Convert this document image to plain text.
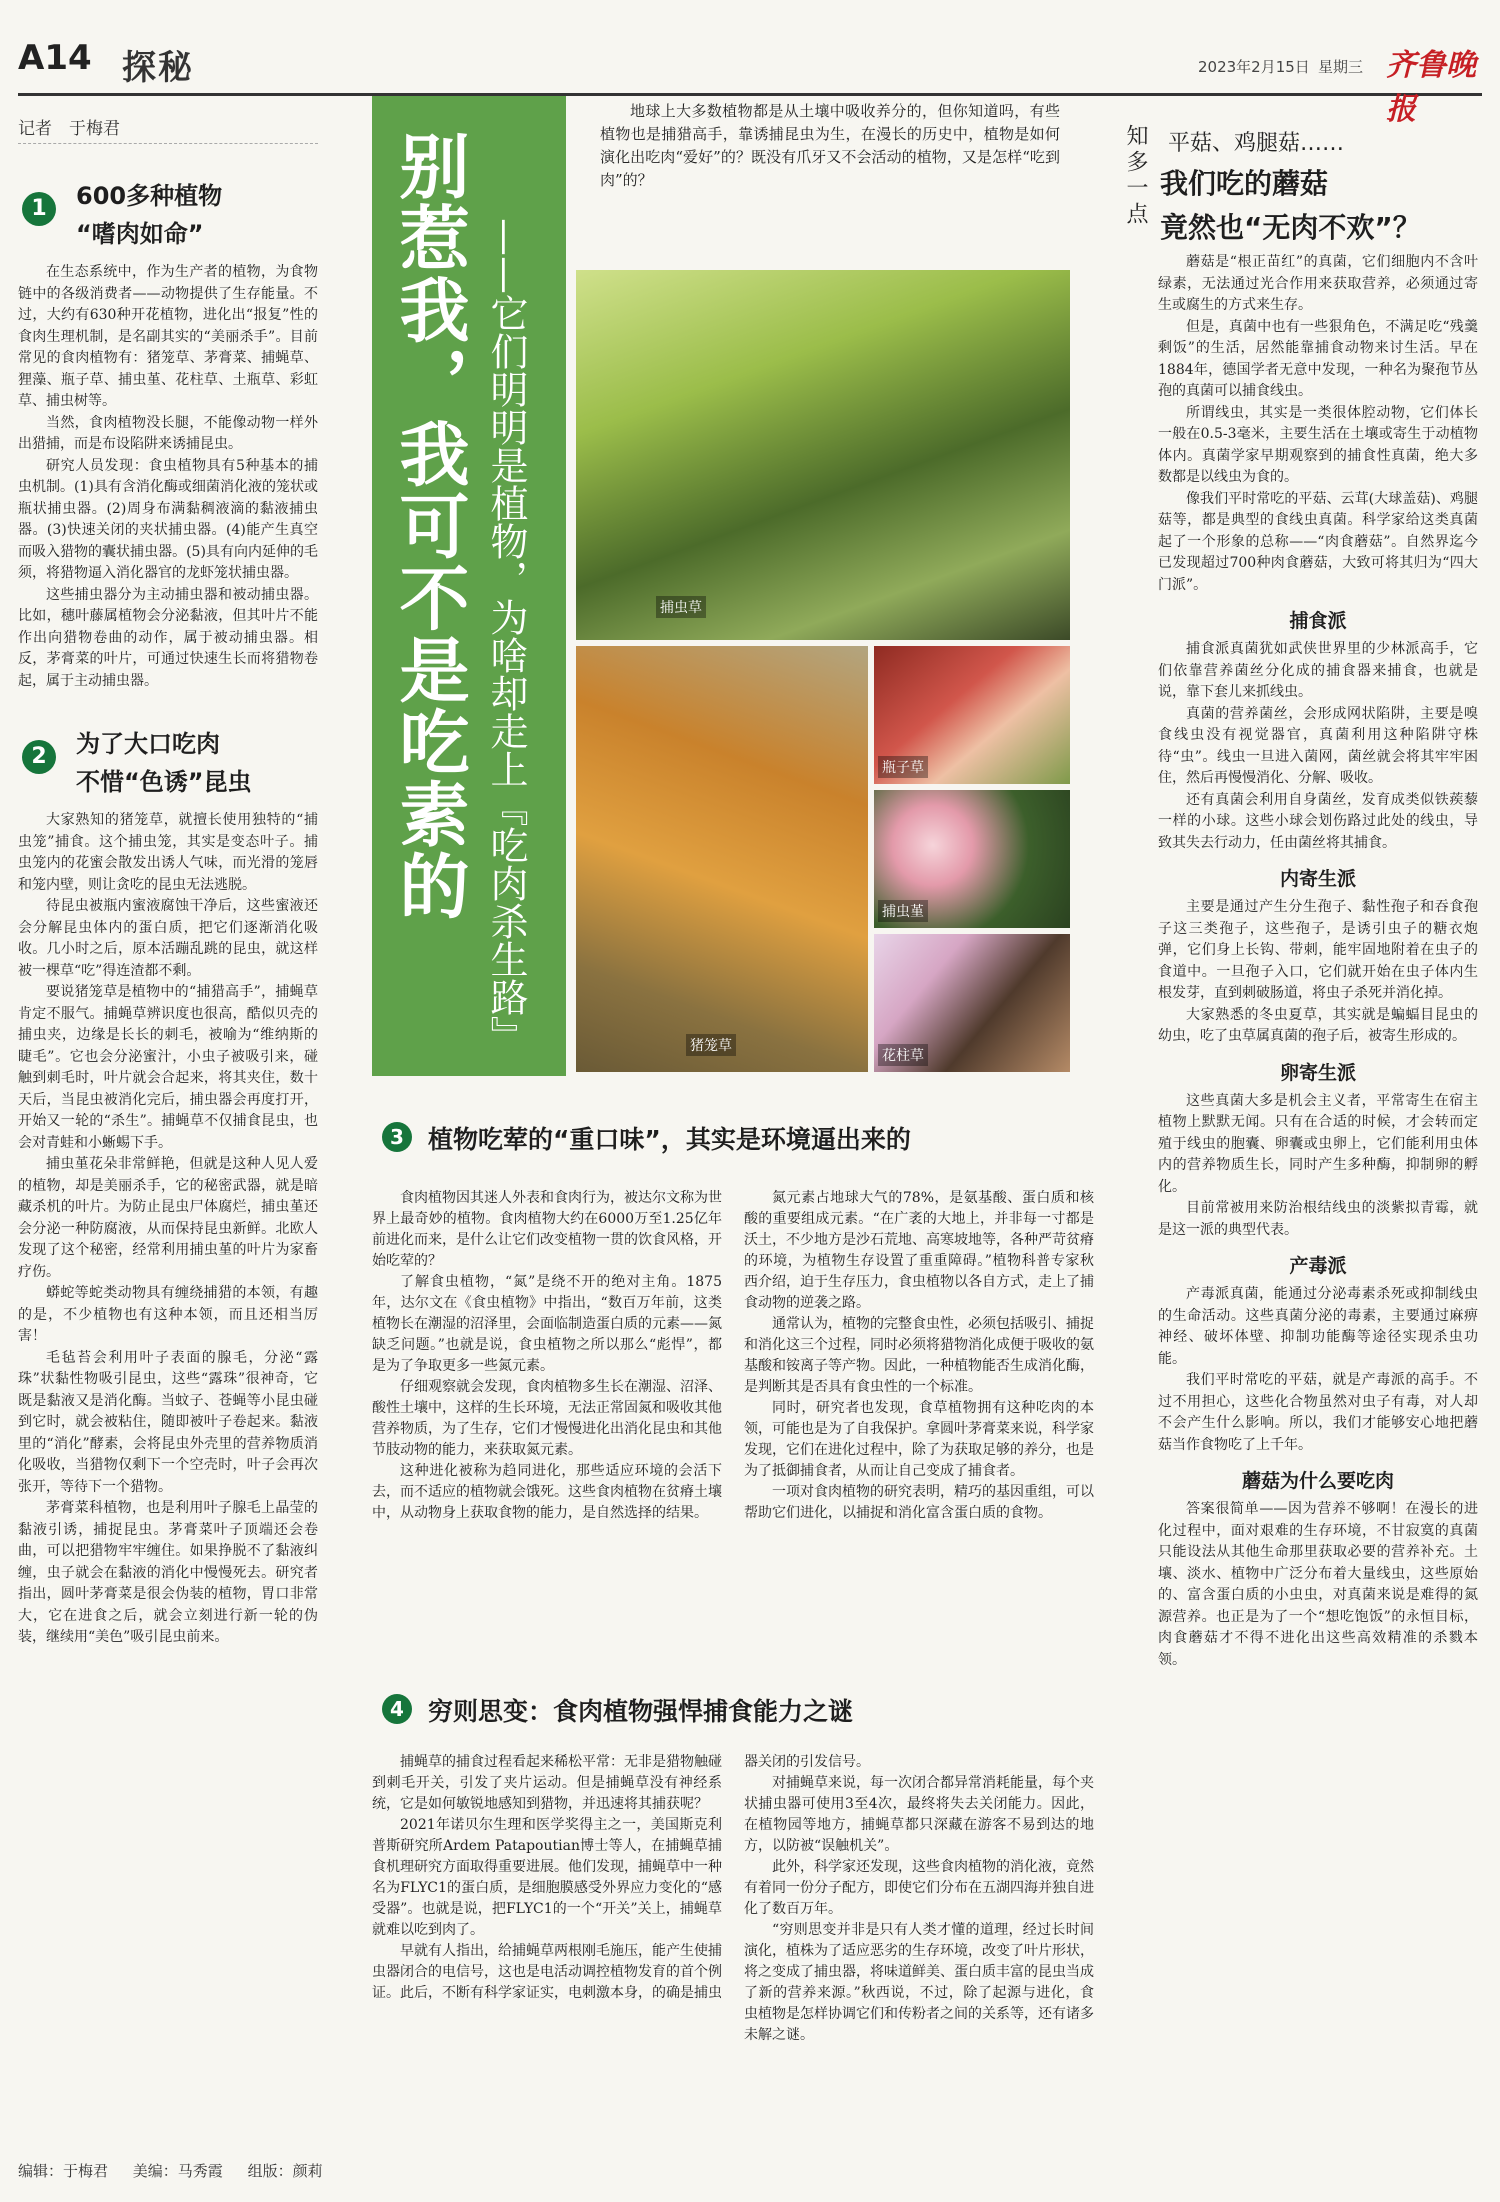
A14 探秘	2023年2月15日 星期三 齐鲁晚报
记者　于梅君
1	600多种植物
“嗜肉如命”

在生态系统中，作为生产者的植物，为食物链中的各级消费者——动物提供了生存能量。不过，大约有630种开花植物，进化出“报复”性的食肉生理机制，是名副其实的“美丽杀手”。目前常见的食肉植物有：猪笼草、茅膏菜、捕蝇草、狸藻、瓶子草、捕虫堇、花柱草、土瓶草、彩虹草、捕虫树等。

当然，食肉植物没长腿，不能像动物一样外出猎捕，而是布设陷阱来诱捕昆虫。

研究人员发现：食虫植物具有5种基本的捕虫机制。(1)具有含消化酶或细菌消化液的笼状或瓶状捕虫器。(2)周身布满黏稠液滴的黏液捕虫器。(3)快速关闭的夹状捕虫器。(4)能产生真空而吸入猎物的囊状捕虫器。(5)具有向内延伸的毛须，将猎物逼入消化器官的龙虾笼状捕虫器。

这些捕虫器分为主动捕虫器和被动捕虫器。比如，穗叶藤属植物会分泌黏液，但其叶片不能作出向猎物卷曲的动作，属于被动捕虫器。相反，茅膏菜的叶片，可通过快速生长而将猎物卷起，属于主动捕虫器。

2	为了大口吃肉
不惜“色诱”昆虫

大家熟知的猪笼草，就擅长使用独特的“捕虫笼”捕食。这个捕虫笼，其实是变态叶子。捕虫笼内的花蜜会散发出诱人气味，而光滑的笼唇和笼内壁，则让贪吃的昆虫无法逃脱。

待昆虫被瓶内蜜液腐蚀干净后，这些蜜液还会分解昆虫体内的蛋白质，把它们逐渐消化吸收。几小时之后，原本活蹦乱跳的昆虫，就这样被一棵草“吃”得连渣都不剩。

要说猪笼草是植物中的“捕猎高手”，捕蝇草肯定不服气。捕蝇草辨识度也很高，酷似贝壳的捕虫夹，边缘是长长的刺毛，被喻为“维纳斯的睫毛”。它也会分泌蜜汁，小虫子被吸引来，碰触到刺毛时，叶片就会合起来，将其夹住，数十天后，当昆虫被消化完后，捕虫器会再度打开，开始又一轮的“杀生”。捕蝇草不仅捕食昆虫，也会对青蛙和小蜥蜴下手。

捕虫堇花朵非常鲜艳，但就是这种人见人爱的植物，却是美丽杀手，它的秘密武器，就是暗藏杀机的叶片。为防止昆虫尸体腐烂，捕虫堇还会分泌一种防腐液，从而保持昆虫新鲜。北欧人发现了这个秘密，经常利用捕虫堇的叶片为家畜疗伤。

蟒蛇等蛇类动物具有缠绕捕猎的本领，有趣的是，不少植物也有这种本领，而且还相当厉害！

毛毡苔会利用叶子表面的腺毛，分泌“露珠”状黏性物吸引昆虫，这些“露珠”很神奇，它既是黏液又是消化酶。当蚊子、苍蝇等小昆虫碰到它时，就会被粘住，随即被叶子卷起来。黏液里的“消化”酵素，会将昆虫外壳里的营养物质消化吸收，当猎物仅剩下一个空壳时，叶子会再次张开，等待下一个猎物。

茅膏菜科植物，也是利用叶子腺毛上晶莹的黏液引诱，捕捉昆虫。茅膏菜叶子顶端还会卷曲，可以把猎物牢牢缠住。如果挣脱不了黏液纠缠，虫子就会在黏液的消化中慢慢死去。研究者指出，圆叶茅膏菜是很会伪装的植物，胃口非常大，它在进食之后，就会立刻进行新一轮的伪装，继续用“美色”吸引昆虫前来。

别惹我，我可不是吃素的 ——它们明明是植物，为啥却走上『吃肉杀生路』

地球上大多数植物都是从土壤中吸收养分的，但你知道吗，有些植物也是捕猎高手，靠诱捕昆虫为生，在漫长的历史中，植物是如何演化出吃肉“爱好”的？既没有爪牙又不会活动的植物，又是怎样“吃到肉”的？

捕虫草
猪笼草
瓶子草
捕虫堇
花柱草
3 植物吃荤的“重口味”，其实是环境逼出来的

食肉植物因其迷人外表和食肉行为，被达尔文称为世界上最奇妙的植物。食肉植物大约在6000万至1.25亿年前进化而来，是什么让它们改变植物一贯的饮食风格，开始吃荤的？

了解食虫植物，“氮”是绕不开的绝对主角。1875年，达尔文在《食虫植物》中指出，“数百万年前，这类植物长在潮湿的沼泽里，会面临制造蛋白质的元素——氮缺乏问题。”也就是说，食虫植物之所以那么“彪悍”，都是为了争取更多一些氮元素。

仔细观察就会发现，食肉植物多生长在潮湿、沼泽、酸性土壤中，这样的生长环境，无法正常固氮和吸收其他营养物质，为了生存，它们才慢慢进化出消化昆虫和其他节肢动物的能力，来获取氮元素。

这种进化被称为趋同进化，那些适应环境的会活下去，而不适应的植物就会饿死。这些食肉植物在贫瘠土壤中，从动物身上获取食物的能力，是自然选择的结果。

氮元素占地球大气的78%，是氨基酸、蛋白质和核酸的重要组成元素。“在广袤的大地上，并非每一寸都是沃土，不少地方是沙石荒地、高寒坡地等，各种严苛贫瘠的环境，为植物生存设置了重重障碍。”植物科普专家秋西介绍，迫于生存压力，食虫植物以各自方式，走上了捕食动物的逆袭之路。

通常认为，植物的完整食虫性，必须包括吸引、捕捉和消化这三个过程，同时必须将猎物消化成便于吸收的氨基酸和铵离子等产物。因此，一种植物能否生成消化酶，是判断其是否具有食虫性的一个标准。

同时，研究者也发现，食草植物拥有这种吃肉的本领，可能也是为了自我保护。拿圆叶茅膏菜来说，科学家发现，它们在进化过程中，除了为获取足够的养分，也是为了抵御捕食者，从而让自己变成了捕食者。

一项对食肉植物的研究表明，精巧的基因重组，可以帮助它们进化，以捕捉和消化富含蛋白质的食物。

4 穷则思变：食肉植物强悍捕食能力之谜

捕蝇草的捕食过程看起来稀松平常：无非是猎物触碰到刺毛开关，引发了夹片运动。但是捕蝇草没有神经系统，它是如何敏锐地感知到猎物，并迅速将其捕获呢？

2021年诺贝尔生理和医学奖得主之一，美国斯克利普斯研究所Ardem Patapoutian博士等人，在捕蝇草捕食机理研究方面取得重要进展。他们发现，捕蝇草中一种名为FLYC1的蛋白质，是细胞膜感受外界应力变化的“感受器”。也就是说，把FLYC1的一个“开关”关上，捕蝇草就难以吃到肉了。

早就有人指出，给捕蝇草两根刚毛施压，能产生使捕虫器闭合的电信号，这也是电活动调控植物发育的首个例证。此后，不断有科学家证实，电刺激本身，的确是捕虫

器关闭的引发信号。

对捕蝇草来说，每一次闭合都异常消耗能量，每个夹状捕虫器可使用3至4次，最终将失去关闭能力。因此，在植物园等地方，捕蝇草都只深藏在游客不易到达的地方，以防被“误触机关”。

此外，科学家还发现，这些食肉植物的消化液，竟然有着同一份分子配方，即使它们分布在五湖四海并独自进化了数百万年。

“穷则思变并非是只有人类才懂的道理，经过长时间演化，植株为了适应恶劣的生存环境，改变了叶片形状，将之变成了捕虫器，将味道鲜美、蛋白质丰富的昆虫当成了新的营养来源。”秋西说，不过，除了起源与进化，食虫植物是怎样协调它们和传粉者之间的关系等，还有诸多未解之谜。

知多一点 平菇、鸡腿菇……
我们吃的蘑菇
竟然也“无肉不欢”？

蘑菇是“根正苗红”的真菌，它们细胞内不含叶绿素，无法通过光合作用来获取营养，必须通过寄生或腐生的方式来生存。

但是，真菌中也有一些狠角色，不满足吃“残羹剩饭”的生活，居然能靠捕食动物来讨生活。早在1884年，德国学者无意中发现，一种名为聚孢节丛孢的真菌可以捕食线虫。

所谓线虫，其实是一类很体腔动物，它们体长一般在0.5-3毫米，主要生活在土壤或寄生于动植物体内。真菌学家早期观察到的捕食性真菌，绝大多数都是以线虫为食的。

像我们平时常吃的平菇、云茸(大球盖菇)、鸡腿菇等，都是典型的食线虫真菌。科学家给这类真菌起了一个形象的总称——“肉食蘑菇”。自然界迄今已发现超过700种肉食蘑菇，大致可将其归为“四大门派”。

捕食派

捕食派真菌犹如武侠世界里的少林派高手，它们依靠营养菌丝分化成的捕食器来捕食，也就是说，靠下套儿来抓线虫。

真菌的营养菌丝，会形成网状陷阱，主要是嗅食线虫没有视觉器官，真菌利用这种陷阱守株待“虫”。线虫一旦进入菌网，菌丝就会将其牢牢困住，然后再慢慢消化、分解、吸收。

还有真菌会利用自身菌丝，发育成类似铁蒺藜一样的小球。这些小球会划伤路过此处的线虫，导致其失去行动力，任由菌丝将其捕食。

内寄生派

主要是通过产生分生孢子、黏性孢子和吞食孢子这三类孢子，这些孢子，是诱引虫子的糖衣炮弹，它们身上长钩、带刺，能牢固地附着在虫子的食道中。一旦孢子入口，它们就开始在虫子体内生根发芽，直到刺破肠道，将虫子杀死并消化掉。

大家熟悉的冬虫夏草，其实就是蝙蝠目昆虫的幼虫，吃了虫草属真菌的孢子后，被寄生形成的。

卵寄生派

这些真菌大多是机会主义者，平常寄生在宿主植物上默默无闻。只有在合适的时候，才会转而定殖于线虫的胞囊、卵囊或虫卵上，它们能利用虫体内的营养物质生长，同时产生多种酶，抑制卵的孵化。

目前常被用来防治根结线虫的淡紫拟青霉，就是这一派的典型代表。

产毒派

产毒派真菌，能通过分泌毒素杀死或抑制线虫的生命活动。这些真菌分泌的毒素，主要通过麻痹神经、破坏体壁、抑制功能酶等途径实现杀虫功能。

我们平时常吃的平菇，就是产毒派的高手。不过不用担心，这些化合物虽然对虫子有毒，对人却不会产生什么影响。所以，我们才能够安心地把蘑菇当作食物吃了上千年。

蘑菇为什么要吃肉

答案很简单——因为营养不够啊！在漫长的进化过程中，面对艰难的生存环境，不甘寂寞的真菌只能设法从其他生命那里获取必要的营养补充。土壤、淡水、植物中广泛分布着大量线虫，这些原始的、富含蛋白质的小虫虫，对真菌来说是难得的氮源营养。也正是为了一个“想吃饱饭”的永恒目标，肉食蘑菇才不得不进化出这些高效精准的杀戮本领。

编辑：于梅君 美编：马秀霞 组版：颜莉
